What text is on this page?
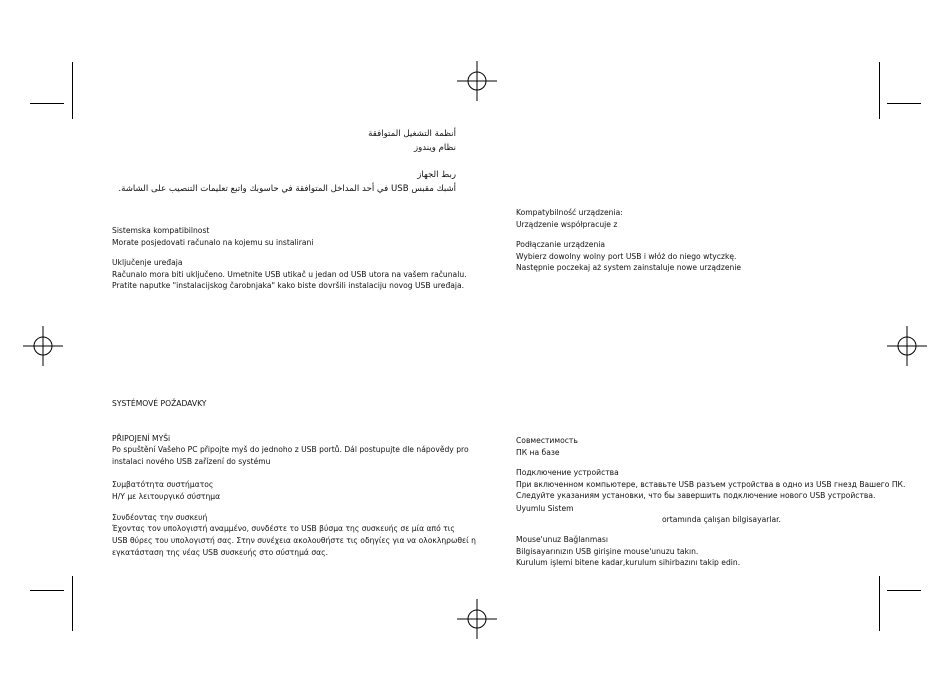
أنظمة التشغيل المتوافقة
نظام ويندوز
ربط الجهاز
أشبك مقبس USB في أحد المداخل المتوافقة في حاسوبك واتبع تعليمات التنصيب على الشاشة.
Sistemska kompatibilnost
Morate posjedovati računalo na kojemu su instalirani
Uključenje uređaja
Računalo mora biti uključeno. Umetnite USB utikač u jedan od USB utora na vašem računalu.
Pratite naputke "instalacijskog čarobnjaka" kako biste dovršili instalaciju novog USB uređaja.
Kompatybilność urządzenia:
Urządzenie współpracuje z
Podłączanie urządzenia
Wybierz dowolny wolny port USB i włóż do niego wtyczkę.
Następnie poczekaj aż system zainstaluje nowe urządzenie
SYSTÉMOVÉ POŽADAVKY
PŘIPOJENÍ MYŠi
Po spuštění Vašeho PC připojte myš do jednoho z USB portů. Dál postupujte dle nápovědy pro
instalaci nového USB zařízení do systému
Συμβατότητα συστήματος
H/Y με λειτουργικό σύστημα
Συνδέοντας την συσκευή
Έχοντας τον υπολογιστή αναμμένο, συνδέστε το USB βύσμα της συσκευής σε μία από τις
USB θύρες του υπολογιστή σας. Στην συνέχεια ακολουθήστε τις οδηγίες για να ολοκληρωθεί η
εγκατάσταση της νέας USB συσκευής στο σύστημά σας.
Совместимость
ПК на базе
Подключение устройства
При включенном компьютере, вставьте USB разъем устройства в одно из USB гнезд Вашего ПК.
Следуйте указаниям установки, что бы завершить подключение нового USB устройства.
Uyumlu Sistem
ortamında çalışan bilgisayarlar.
Mouse'unuz Bağlanması
Bilgisayarınızın USB girişine mouse'unuzu takın.
Kurulum işlemi bitene kadar,kurulum sihirbazını takip edin.
